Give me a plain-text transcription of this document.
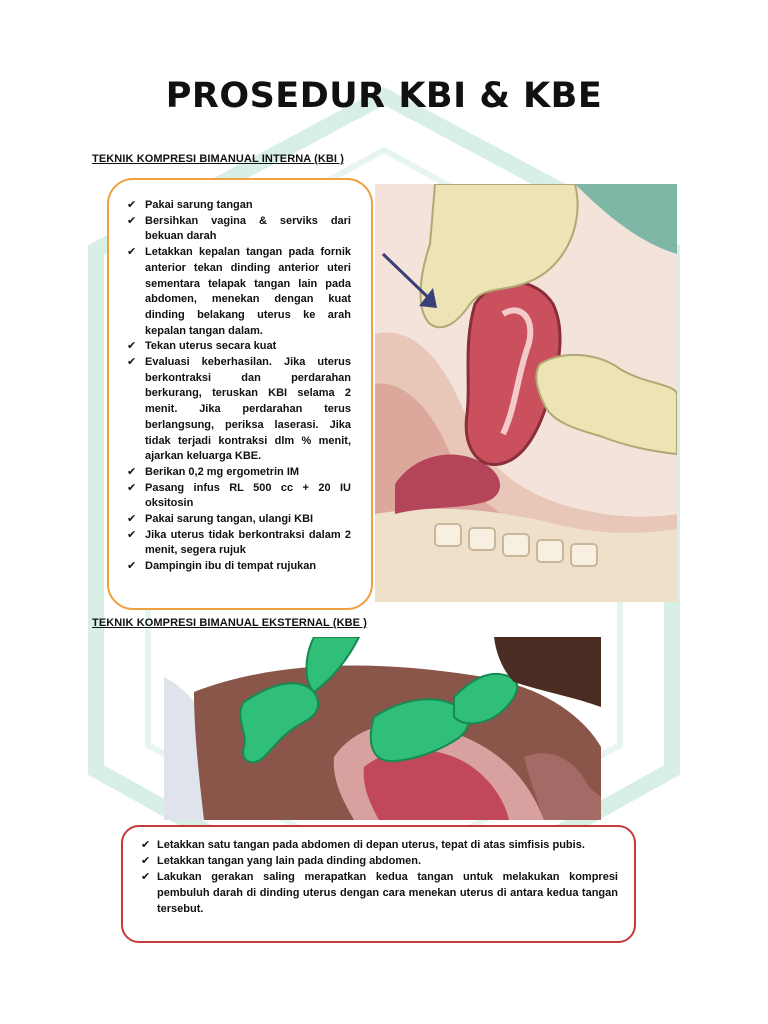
PROSEDUR KBI & KBE
TEKNIK KOMPRESI BIMANUAL INTERNA (KBI )
✔ Pakai sarung tangan
✔ Bersihkan vagina & serviks dari bekuan darah
✔ Letakkan kepalan tangan pada fornik anterior tekan dinding anterior uteri sementara telapak tangan lain pada abdomen, menekan dengan kuat dinding belakang uterus ke arah kepalan tangan dalam.
✔ Tekan uterus secara kuat
✔ Evaluasi keberhasilan. Jika uterus berkontraksi dan perdarahan berkurang, teruskan KBI selama 2 menit. Jika perdarahan terus berlangsung, periksa laserasi. Jika tidak terjadi kontraksi dlm % menit, ajarkan keluarga KBE.
✔ Berikan 0,2 mg ergometrin IM
✔ Pasang infus RL 500 cc + 20 IU oksitosin
✔ Pakai sarung tangan, ulangi KBI
✔ Jika uterus tidak berkontraksi dalam 2 menit, segera rujuk
✔ Dampingin ibu di tempat rujukan
TEKNIK KOMPRESI BIMANUAL EKSTERNAL (KBE )
✔ Letakkan satu tangan pada abdomen di depan uterus, tepat di atas simfisis pubis.
✔ Letakkan tangan yang lain pada dinding abdomen.
✔ Lakukan gerakan saling merapatkan kedua tangan untuk melakukan kompresi pembuluh darah di dinding uterus dengan cara menekan uterus di antara kedua tangan tersebut.
